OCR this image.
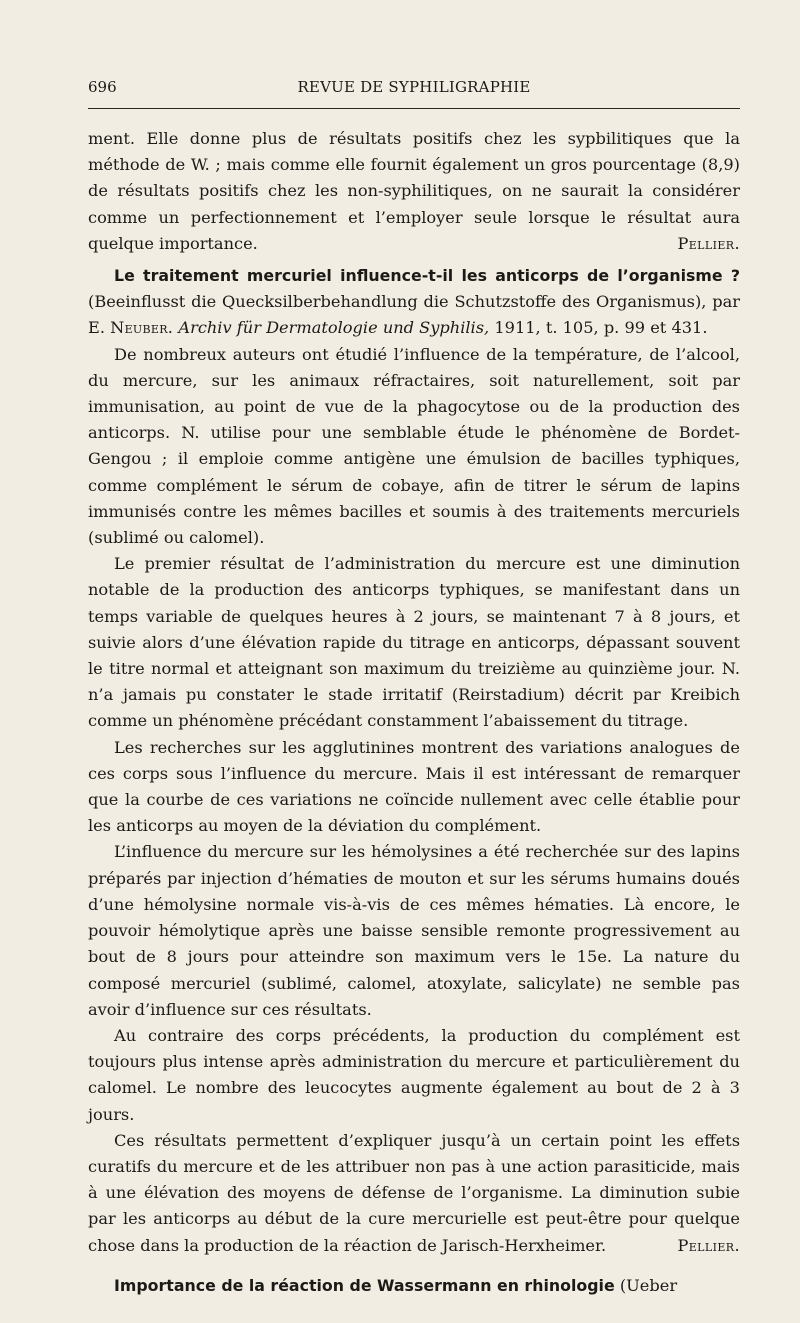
696	REVUE DE SYPHILIGRAPHIE

ment. Elle donne plus de résultats positifs chez les sypbilitiques que la méthode de W. ; mais comme elle fournit également un gros pourcentage (8,9) de résultats positifs chez les non-syphilitiques, on ne saurait la considérer comme un perfectionnement et l’employer seule lorsque le résultat aura quelque importance.	Pellier.

Le traitement mercuriel influence-t-il les anticorps de l’organisme ? (Beeinflusst die Quecksilberbehandlung die Schutzstoffe des Organismus), par E. Neuber. Archiv für Dermatologie und Syphilis, 1911, t. 105, p. 99 et 431.

De nombreux auteurs ont étudié l’influence de la température, de l’alcool, du mercure, sur les animaux réfractaires, soit naturellement, soit par immunisation, au point de vue de la phagocytose ou de la production des anticorps. N. utilise pour une semblable étude le phénomène de Bordet-Gengou ; il emploie comme antigène une émulsion de bacilles typhiques, comme complément le sérum de cobaye, afin de titrer le sérum de lapins immunisés contre les mêmes bacilles et soumis à des traitements mercuriels (sublimé ou calomel).

Le premier résultat de l’administration du mercure est une diminution notable de la production des anticorps typhiques, se manifestant dans un temps variable de quelques heures à 2 jours, se maintenant 7 à 8 jours, et suivie alors d’une élévation rapide du titrage en anticorps, dépassant souvent le titre normal et atteignant son maximum du treizième au quinzième jour. N. n’a jamais pu constater le stade irritatif (Reirstadium) décrit par Kreibich comme un phénomène précédant constamment l’abaissement du titrage.

Les recherches sur les agglutinines montrent des variations analogues de ces corps sous l’influence du mercure. Mais il est intéressant de remarquer que la courbe de ces variations ne coïncide nullement avec celle établie pour les anticorps au moyen de la déviation du complément.

L’influence du mercure sur les hémolysines a été recherchée sur des lapins préparés par injection d’hématies de mouton et sur les sérums humains doués d’une hémolysine normale vis-à-vis de ces mêmes hématies. Là encore, le pouvoir hémolytique après une baisse sensible remonte progressivement au bout de 8 jours pour atteindre son maximum vers le 15e. La nature du composé mercuriel (sublimé, calomel, atoxylate, salicylate) ne semble pas avoir d’influence sur ces résultats.

Au contraire des corps précédents, la production du complément est toujours plus intense après administration du mercure et particulièrement du calomel. Le nombre des leucocytes augmente également au bout de 2 à 3 jours.

Ces résultats permettent d’expliquer jusqu’à un certain point les effets curatifs du mercure et de les attribuer non pas à une action parasiticide, mais à une élévation des moyens de défense de l’organisme. La diminution subie par les anticorps au début de la cure mercurielle est peut-être pour quelque chose dans la production de la réaction de Jarisch-Herxheimer.	Pellier.

Importance de la réaction de Wassermann en rhinologie (Ueber
